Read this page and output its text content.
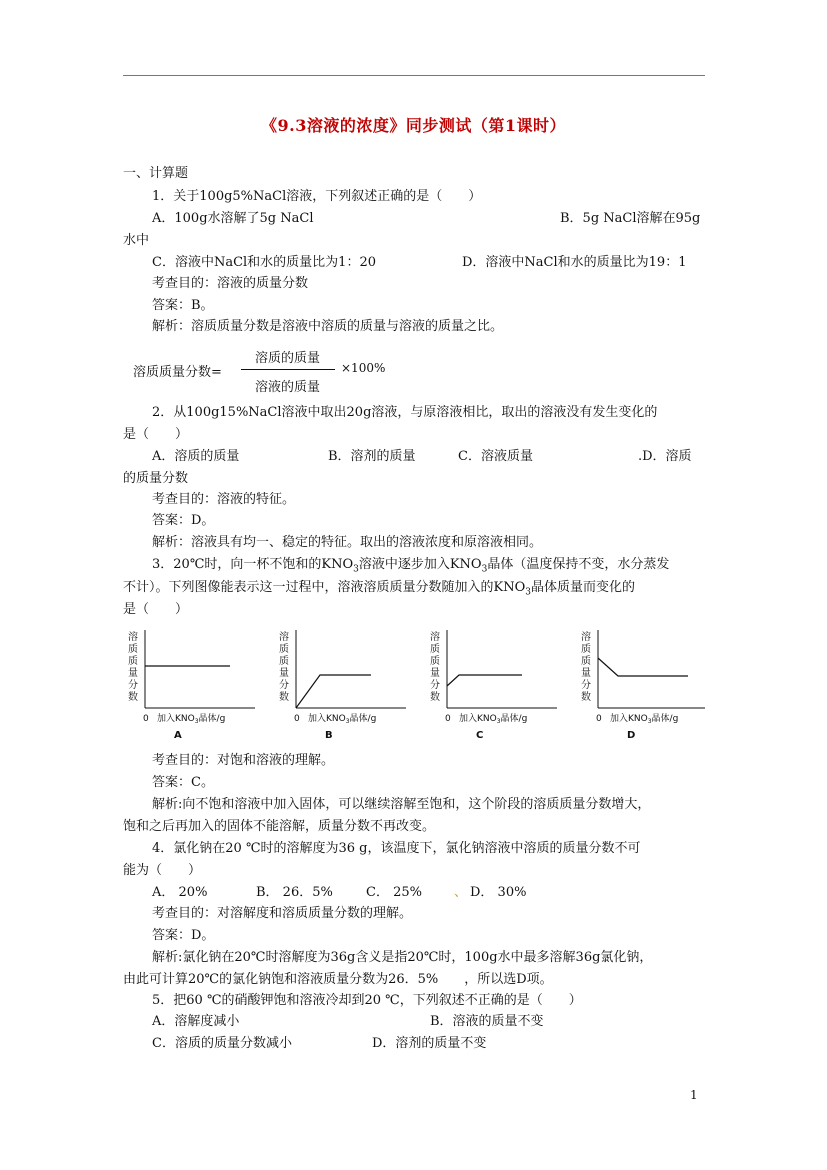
《9.3溶液的浓度》同步测试（第1课时）
一、计算题
1．关于100g5%NaCl溶液，下列叙述正确的是（　　）
A．100g水溶解了5g NaCl	B．5g NaCl溶解在95g
水中
C．溶液中NaCl和水的质量比为1：20	D．溶液中NaCl和水的质量比为19：1
考查目的：溶液的质量分数
答案：B。
解析：溶质质量分数是溶液中溶质的质量与溶液的质量之比。
溶质质量分数=
溶质的质量
溶液的质量
×100%
2．从100g15%NaCl溶液中取出20g溶液，与原溶液相比，取出的溶液没有发生变化的
是（　　）
A．溶质的质量	B．溶剂的质量	C．溶液质量	.D．溶质
的质量分数
考查目的：溶液的特征。
答案：D。
解析：溶液具有均一、稳定的特征。取出的溶液浓度和原溶液相同。
3．20℃时，向一杯不饱和的$KNO_3$溶液中逐步加入$KNO_3$晶体（温度保持不变，水分蒸发
不计）。下列图像能表示这一过程中，溶液溶质质量分数随加入的$KNO_3$晶体质量而变化的
是（　　）
溶
质
质
量
分
数
0 加入$KNO_3$晶体/g
A
溶
质
质
量
分
数
0 加入$KNO_3$晶体/g
B
溶
质
质
量
分
数
0 加入$KNO_3$晶体/g
C
溶
质
质
量
分
数
0 加入$KNO_3$晶体/g
D
考查目的：对饱和溶液的理解。
答案：C。
解析:向不饱和溶液中加入固体，可以继续溶解至饱和，这个阶段的溶质质量分数增大，
饱和之后再加入的固体不能溶解，质量分数不再改变。
4．氯化钠在20 ℃时的溶解度为36 g，该温度下，氯化钠溶液中溶质的质量分数不可
能为（　　）
A． 20%	B． 26．5%	C． 25% 、 D． 30%
考查目的：对溶解度和溶质质量分数的理解。
答案：D。
解析:氯化钠在20℃时溶解度为36g含义是指20℃时，100g水中最多溶解36g氯化钠，
由此可计算20℃的氯化钠饱和溶液质量分数为26．5%　　，所以选D项。
5．把60 ℃的硝酸钾饱和溶液冷却到20 ℃，下列叙述不正确的是（　　）
A．溶解度减小	B．溶液的质量不变
C．溶质的质量分数减小	D．溶剂的质量不变
1
